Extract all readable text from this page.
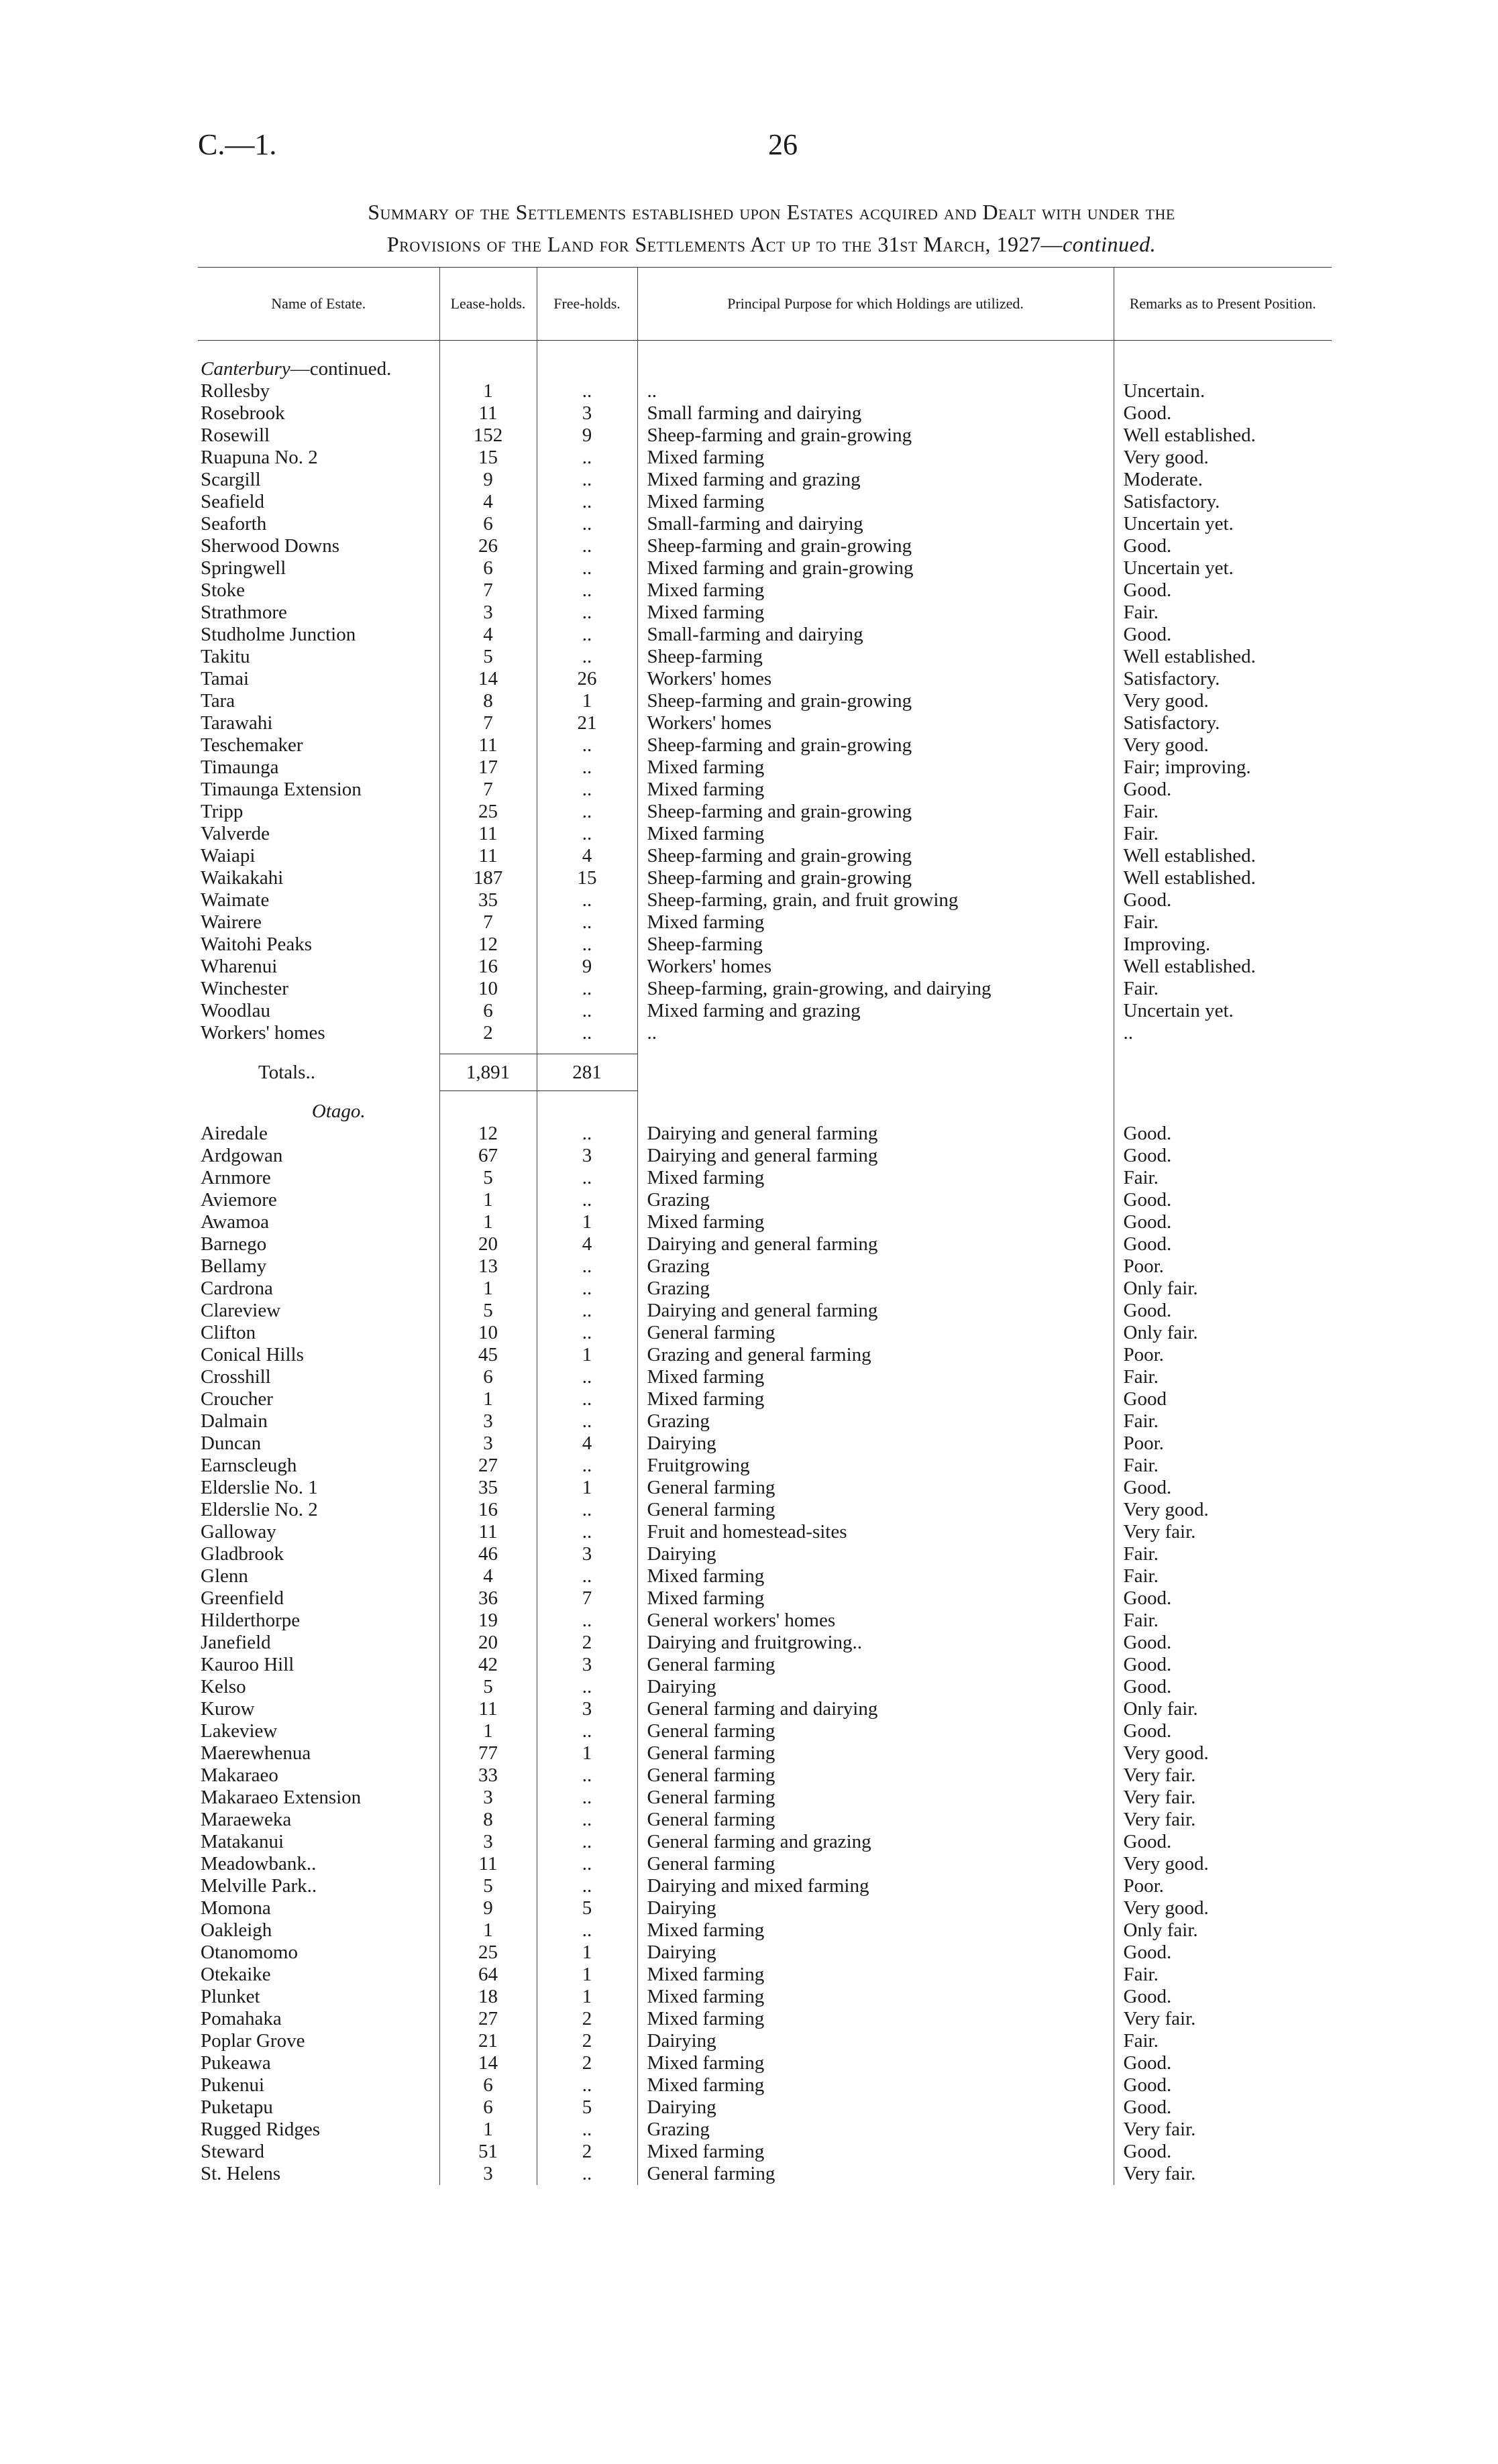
C.—1.	26
Summary of the Settlements established upon Estates acquired and Dealt with under the
Provisions of the Land for Settlements Act up to the 31st March, 1927—continued.
Name of Estate.	Lease-holds.	Free-holds.	Principal Purpose for which Holdings are utilized.	Remarks as to Present Position.

Canterbury—continued.				
Rollesby	1	..	..	Uncertain.
Rosebrook	11	3	Small farming and dairying	Good.
Rosewill	152	9	Sheep-farming and grain-growing	Well established.
Ruapuna No. 2	15	..	Mixed farming	Very good.
Scargill	9	..	Mixed farming and grazing	Moderate.
Seafield	4	..	Mixed farming	Satisfactory.
Seaforth	6	..	Small-farming and dairying	Uncertain yet.
Sherwood Downs	26	..	Sheep-farming and grain-growing	Good.
Springwell	6	..	Mixed farming and grain-growing	Uncertain yet.
Stoke	7	..	Mixed farming	Good.
Strathmore	3	..	Mixed farming	Fair.
Studholme Junction	4	..	Small-farming and dairying	Good.
Takitu	5	..	Sheep-farming	Well established.
Tamai	14	26	Workers' homes	Satisfactory.
Tara	8	1	Sheep-farming and grain-growing	Very good.
Tarawahi	7	21	Workers' homes	Satisfactory.
Teschemaker	11	..	Sheep-farming and grain-growing	Very good.
Timaunga	17	..	Mixed farming	Fair; improving.
Timaunga Extension	7	..	Mixed farming	Good.
Tripp	25	..	Sheep-farming and grain-growing	Fair.
Valverde	11	..	Mixed farming	Fair.
Waiapi	11	4	Sheep-farming and grain-growing	Well established.
Waikakahi	187	15	Sheep-farming and grain-growing	Well established.
Waimate	35	..	Sheep-farming, grain, and fruit growing	Good.
Wairere	7	..	Mixed farming	Fair.
Waitohi Peaks	12	..	Sheep-farming	Improving.
Wharenui	16	9	Workers' homes	Well established.
Winchester	10	..	Sheep-farming, grain-growing, and dairying	Fair.
Woodlau	6	..	Mixed farming and grazing	Uncertain yet.
Workers' homes	2	..	..	..

Totals..	1,891	281		

Otago.				
Airedale	12	..	Dairying and general farming	Good.
Ardgowan	67	3	Dairying and general farming	Good.
Arnmore	5	..	Mixed farming	Fair.
Aviemore	1	..	Grazing	Good.
Awamoa	1	1	Mixed farming	Good.
Barnego	20	4	Dairying and general farming	Good.
Bellamy	13	..	Grazing	Poor.
Cardrona	1	..	Grazing	Only fair.
Clareview	5	..	Dairying and general farming	Good.
Clifton	10	..	General farming	Only fair.
Conical Hills	45	1	Grazing and general farming	Poor.
Crosshill	6	..	Mixed farming	Fair.
Croucher	1	..	Mixed farming	Good
Dalmain	3	..	Grazing	Fair.
Duncan	3	4	Dairying	Poor.
Earnscleugh	27	..	Fruitgrowing	Fair.
Elderslie No. 1	35	1	General farming	Good.
Elderslie No. 2	16	..	General farming	Very good.
Galloway	11	..	Fruit and homestead-sites	Very fair.
Gladbrook	46	3	Dairying	Fair.
Glenn	4	..	Mixed farming	Fair.
Greenfield	36	7	Mixed farming	Good.
Hilderthorpe	19	..	General workers' homes	Fair.
Janefield	20	2	Dairying and fruitgrowing..	Good.
Kauroo Hill	42	3	General farming	Good.
Kelso	5	..	Dairying	Good.
Kurow	11	3	General farming and dairying	Only fair.
Lakeview	1	..	General farming	Good.
Maerewhenua	77	1	General farming	Very good.
Makaraeo	33	..	General farming	Very fair.
Makaraeo Extension	3	..	General farming	Very fair.
Maraeweka	8	..	General farming	Very fair.
Matakanui	3	..	General farming and grazing	Good.
Meadowbank..	11	..	General farming	Very good.
Melville Park..	5	..	Dairying and mixed farming	Poor.
Momona	9	5	Dairying	Very good.
Oakleigh	1	..	Mixed farming	Only fair.
Otanomomo	25	1	Dairying	Good.
Otekaike	64	1	Mixed farming	Fair.
Plunket	18	1	Mixed farming	Good.
Pomahaka	27	2	Mixed farming	Very fair.
Poplar Grove	21	2	Dairying	Fair.
Pukeawa	14	2	Mixed farming	Good.
Pukenui	6	..	Mixed farming	Good.
Puketapu	6	5	Dairying	Good.
Rugged Ridges	1	..	Grazing	Very fair.
Steward	51	2	Mixed farming	Good.
St. Helens	3	..	General farming	Very fair.
